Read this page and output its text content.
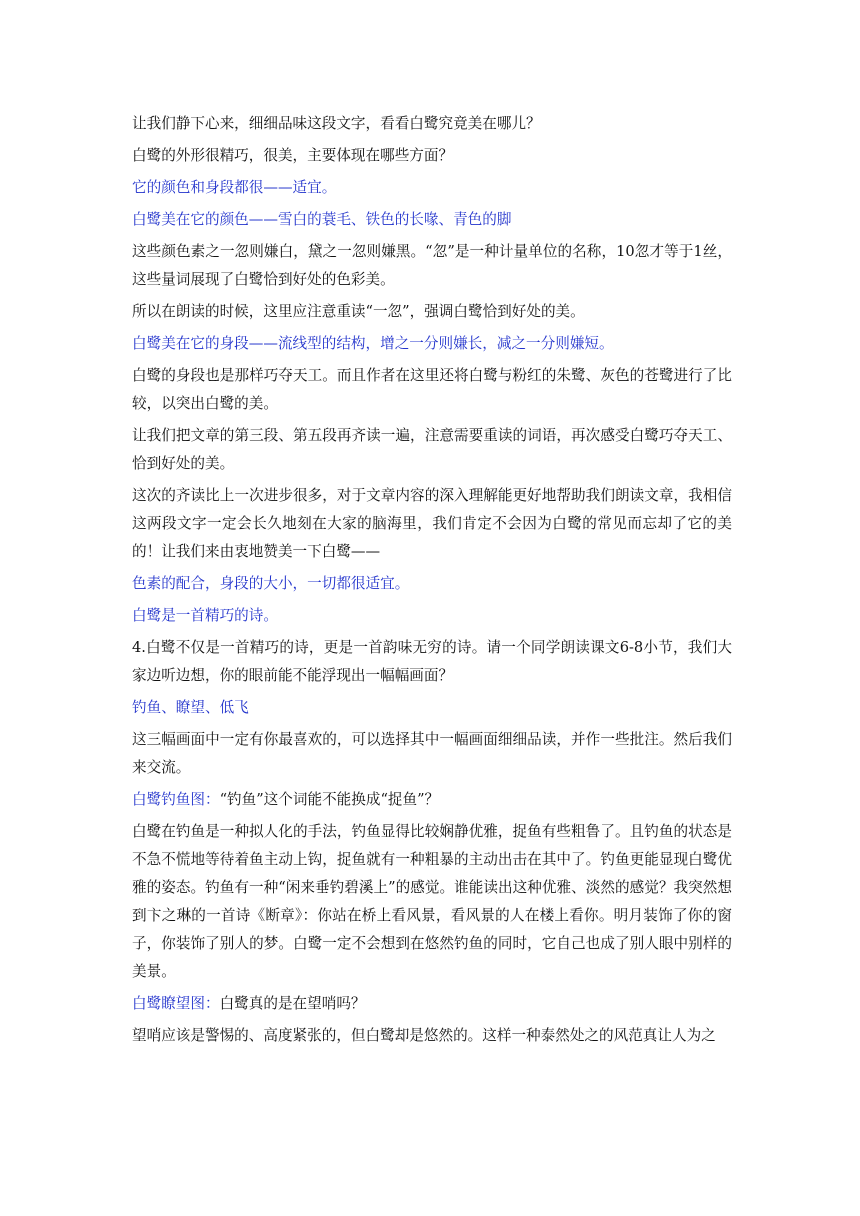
让我们静下心来，细细品味这段文字，看看白鹭究竟美在哪儿？

白鹭的外形很精巧，很美，主要体现在哪些方面？

它的颜色和身段都很——适宜。

白鹭美在它的颜色——雪白的蓑毛、铁色的长喙、青色的脚

这些颜色素之一忽则嫌白，黛之一忽则嫌黑。“忽”是一种计量单位的名称，10忽才等于1丝，这些量词展现了白鹭恰到好处的色彩美。

所以在朗读的时候，这里应注意重读“一忽”，强调白鹭恰到好处的美。

白鹭美在它的身段——流线型的结构，增之一分则嫌长，减之一分则嫌短。

白鹭的身段也是那样巧夺天工。而且作者在这里还将白鹭与粉红的朱鹭、灰色的苍鹭进行了比较，以突出白鹭的美。

让我们把文章的第三段、第五段再齐读一遍，注意需要重读的词语，再次感受白鹭巧夺天工、恰到好处的美。

这次的齐读比上一次进步很多，对于文章内容的深入理解能更好地帮助我们朗读文章，我相信这两段文字一定会长久地刻在大家的脑海里，我们肯定不会因为白鹭的常见而忘却了它的美的！让我们来由衷地赞美一下白鹭——

色素的配合，身段的大小，一切都很适宜。

白鹭是一首精巧的诗。

4.白鹭不仅是一首精巧的诗，更是一首韵味无穷的诗。请一个同学朗读课文6-8小节，我们大家边听边想，你的眼前能不能浮现出一幅幅画面？

钓鱼、瞭望、低飞

这三幅画面中一定有你最喜欢的，可以选择其中一幅画面细细品读，并作一些批注。然后我们来交流。

白鹭钓鱼图：“钓鱼”这个词能不能换成“捉鱼”？

白鹭在钓鱼是一种拟人化的手法，钓鱼显得比较娴静优雅，捉鱼有些粗鲁了。且钓鱼的状态是不急不慌地等待着鱼主动上钩，捉鱼就有一种粗暴的主动出击在其中了。钓鱼更能显现白鹭优雅的姿态。钓鱼有一种“闲来垂钓碧溪上”的感觉。谁能读出这种优雅、淡然的感觉？我突然想到卞之琳的一首诗《断章》：你站在桥上看风景，看风景的人在楼上看你。明月装饰了你的窗子，你装饰了别人的梦。白鹭一定不会想到在悠然钓鱼的同时，它自己也成了别人眼中别样的美景。

白鹭瞭望图：白鹭真的是在望哨吗？

望哨应该是警惕的、高度紧张的，但白鹭却是悠然的。这样一种泰然处之的风范真让人为之
